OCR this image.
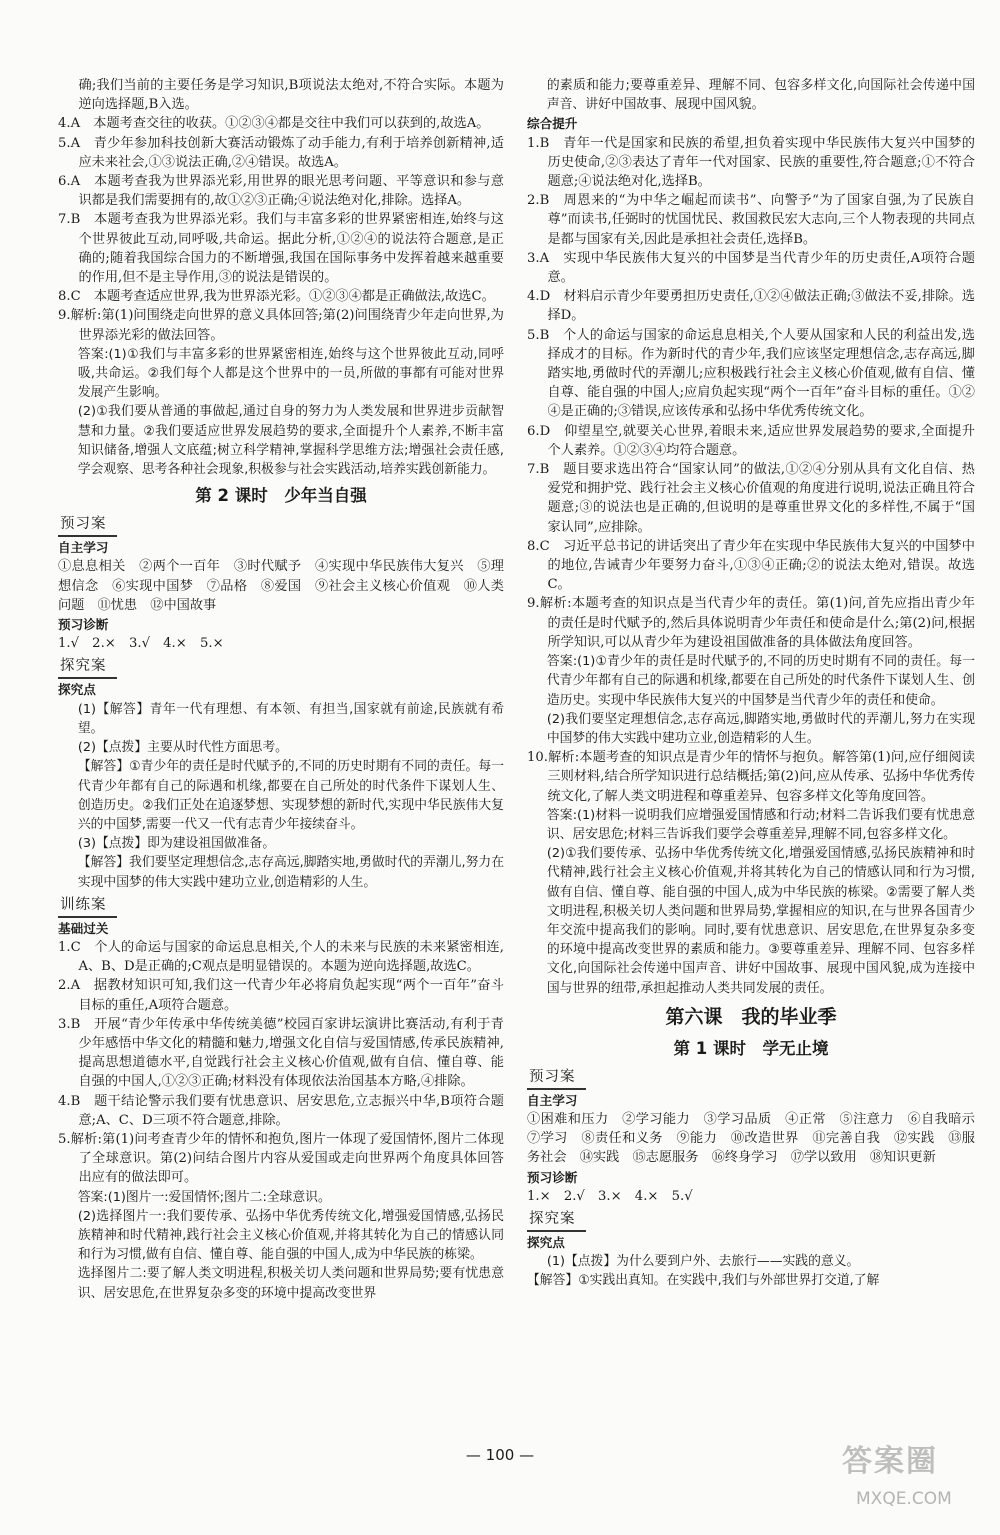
确;我们当前的主要任务是学习知识,B项说法太绝对,不符合实际。本题为逆向选择题,B入选。
4.A　本题考查交往的收获。①②③④都是交往中我们可以获到的,故选A。
5.A　青少年参加科技创新大赛活动锻炼了动手能力,有利于培养创新精神,适应未来社会,①③说法正确,②④错误。故选A。
6.A　本题考查我为世界添光彩,用世界的眼光思考问题、平等意识和参与意识都是我们需要拥有的,故①②③正确;④说法绝对化,排除。选择A。
7.B　本题考查我为世界添光彩。我们与丰富多彩的世界紧密相连,始终与这个世界彼此互动,同呼吸,共命运。据此分析,①②④的说法符合题意,是正确的;随着我国综合国力的不断增强,我国在国际事务中发挥着越来越重要的作用,但不是主导作用,③的说法是错误的。
8.C　本题考查适应世界,我为世界添光彩。①②③④都是正确做法,故选C。
9.解析:第(1)问围绕走向世界的意义具体回答;第(2)问围绕青少年走向世界,为世界添光彩的做法回答。
答案:(1)①我们与丰富多彩的世界紧密相连,始终与这个世界彼此互动,同呼吸,共命运。②我们每个人都是这个世界中的一员,所做的事都有可能对世界发展产生影响。
(2)①我们要从普通的事做起,通过自身的努力为人类发展和世界进步贡献智慧和力量。②我们要适应世界发展趋势的要求,全面提升个人素养,不断丰富知识储备,增强人文底蕴;树立科学精神,掌握科学思维方法;增强社会责任感,学会观察、思考各种社会现象,积极参与社会实践活动,培养实践创新能力。
第 2 课时　少年当自强
预习案
自主学习
①息息相关　②两个一百年　③时代赋予　④实现中华民族伟大复兴　⑤理想信念　⑥实现中国梦　⑦品格　⑧爱国　⑨社会主义核心价值观　⑩人类问题　⑪忧患　⑫中国故事
预习诊断
1.√　2.×　3.√　4.×　5.×
探究案
探究点
(1)【解答】青年一代有理想、有本领、有担当,国家就有前途,民族就有希望。
(2)【点拨】主要从时代性方面思考。
【解答】①青少年的责任是时代赋予的,不同的历史时期有不同的责任。每一代青少年都有自己的际遇和机缘,都要在自己所处的时代条件下谋划人生、创造历史。②我们正处在追逐梦想、实现梦想的新时代,实现中华民族伟大复兴的中国梦,需要一代又一代有志青少年接续奋斗。
(3)【点拨】即为建设祖国做准备。
【解答】我们要坚定理想信念,志存高远,脚踏实地,勇做时代的弄潮儿,努力在实现中国梦的伟大实践中建功立业,创造精彩的人生。
训练案
基础过关
1.C　个人的命运与国家的命运息息相关,个人的未来与民族的未来紧密相连,A、B、D是正确的;C观点是明显错误的。本题为逆向选择题,故选C。
2.A　据教材知识可知,我们这一代青少年必将肩负起实现“两个一百年”奋斗目标的重任,A项符合题意。
3.B　开展“青少年传承中华传统美德”校园百家讲坛演讲比赛活动,有利于青少年感悟中华文化的精髓和魅力,增强文化自信与爱国情感,传承民族精神,提高思想道德水平,自觉践行社会主义核心价值观,做有自信、懂自尊、能自强的中国人,①②③正确;材料没有体现依法治国基本方略,④排除。
4.B　题干结论警示我们要有忧患意识、居安思危,立志振兴中华,B项符合题意;A、C、D三项不符合题意,排除。
5.解析:第(1)问考查青少年的情怀和抱负,图片一体现了爱国情怀,图片二体现了全球意识。第(2)问结合图片内容从爱国或走向世界两个角度具体回答出应有的做法即可。
答案:(1)图片一:爱国情怀;图片二:全球意识。
(2)选择图片一:我们要传承、弘扬中华优秀传统文化,增强爱国情感,弘扬民族精神和时代精神,践行社会主义核心价值观,并将其转化为自己的情感认同和行为习惯,做有自信、懂自尊、能自强的中国人,成为中华民族的栋梁。
选择图片二:要了解人类文明进程,积极关切人类问题和世界局势;要有忧患意识、居安思危,在世界复杂多变的环境中提高改变世界
的素质和能力;要尊重差异、理解不同、包容多样文化,向国际社会传递中国声音、讲好中国故事、展现中国风貌。
综合提升
1.B　青年一代是国家和民族的希望,担负着实现中华民族伟大复兴中国梦的历史使命,②③表达了青年一代对国家、民族的重要性,符合题意;①不符合题意;④说法绝对化,选择B。
2.B　周恩来的“为中华之崛起而读书”、向警予“为了国家自强,为了民族自尊”而读书,任弼时的忧国忧民、救国救民宏大志向,三个人物表现的共同点是都与国家有关,因此是承担社会责任,选择B。
3.A　实现中华民族伟大复兴的中国梦是当代青少年的历史责任,A项符合题意。
4.D　材料启示青少年要勇担历史责任,①②④做法正确;③做法不妥,排除。选择D。
5.B　个人的命运与国家的命运息息相关,个人要从国家和人民的利益出发,选择成才的目标。作为新时代的青少年,我们应该坚定理想信念,志存高远,脚踏实地,勇做时代的弄潮儿;应积极践行社会主义核心价值观,做有自信、懂自尊、能自强的中国人;应肩负起实现“两个一百年”奋斗目标的重任。①②④是正确的;③错误,应该传承和弘扬中华优秀传统文化。
6.D　仰望星空,就要关心世界,着眼未来,适应世界发展趋势的要求,全面提升个人素养。①②③④均符合题意。
7.B　题目要求选出符合“国家认同”的做法,①②④分别从具有文化自信、热爱党和拥护党、践行社会主义核心价值观的角度进行说明,说法正确且符合题意;③的说法也是正确的,但说明的是尊重世界文化的多样性,不属于“国家认同”,应排除。
8.C　习近平总书记的讲话突出了青少年在实现中华民族伟大复兴的中国梦中的地位,告诫青少年要努力奋斗,①③④正确;②的说法太绝对,错误。故选C。
9.解析:本题考查的知识点是当代青少年的责任。第(1)问,首先应指出青少年的责任是时代赋予的,然后具体说明青少年责任和使命是什么;第(2)问,根据所学知识,可以从青少年为建设祖国做准备的具体做法角度回答。
答案:(1)①青少年的责任是时代赋予的,不同的历史时期有不同的责任。每一代青少年都有自己的际遇和机缘,都要在自己所处的时代条件下谋划人生、创造历史。实现中华民族伟大复兴的中国梦是当代青少年的责任和使命。
(2)我们要坚定理想信念,志存高远,脚踏实地,勇做时代的弄潮儿,努力在实现中国梦的伟大实践中建功立业,创造精彩的人生。
10.解析:本题考查的知识点是青少年的情怀与抱负。解答第(1)问,应仔细阅读三则材料,结合所学知识进行总结概括;第(2)问,应从传承、弘扬中华优秀传统文化,了解人类文明进程和尊重差异、包容多样文化等角度回答。
答案:(1)材料一说明我们应增强爱国情感和行动;材料二告诉我们要有忧患意识、居安思危;材料三告诉我们要学会尊重差异,理解不同,包容多样文化。
(2)①我们要传承、弘扬中华优秀传统文化,增强爱国情感,弘扬民族精神和时代精神,践行社会主义核心价值观,并将其转化为自己的情感认同和行为习惯,做有自信、懂自尊、能自强的中国人,成为中华民族的栋梁。②需要了解人类文明进程,积极关切人类问题和世界局势,掌握相应的知识,在与世界各国青少年交流中提高我们的影响。同时,要有忧患意识、居安思危,在世界复杂多变的环境中提高改变世界的素质和能力。③要尊重差异、理解不同、包容多样文化,向国际社会传递中国声音、讲好中国故事、展现中国风貌,成为连接中国与世界的纽带,承担起推动人类共同发展的责任。
第六课　我的毕业季
第 1 课时　学无止境
预习案
自主学习
①困难和压力　②学习能力　③学习品质　④正常　⑤注意力　⑥自我暗示　⑦学习　⑧责任和义务　⑨能力　⑩改造世界　⑪完善自我　⑫实践　⑬服务社会　⑭实践　⑮志愿服务　⑯终身学习　⑰学以致用　⑱知识更新
预习诊断
1.×　2.√　3.×　4.×　5.√
探究案
探究点
(1)【点拨】为什么要到户外、去旅行——实践的意义。
【解答】①实践出真知。在实践中,我们与外部世界打交道,了解
— 100 —	答案圈
MXQE.COM
